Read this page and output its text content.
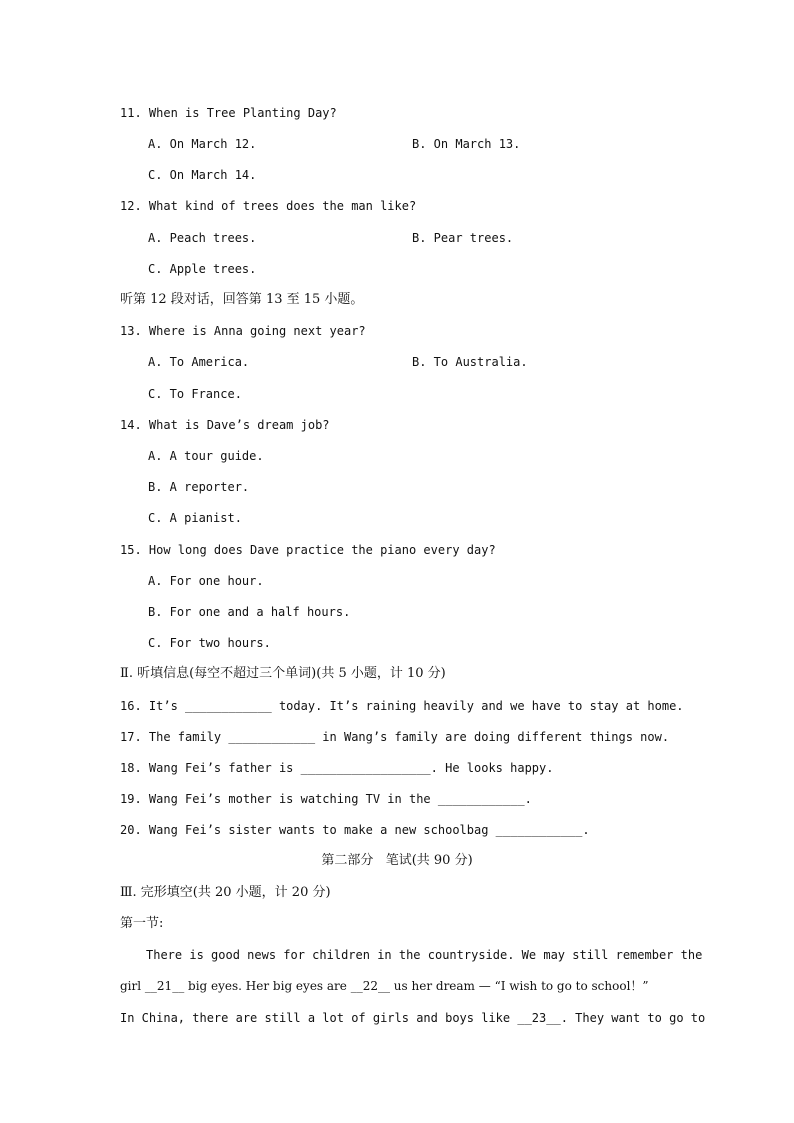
11. When is Tree Planting Day?
A. On March 12.	B. On March 13.
C. On March 14.
12. What kind of trees does the man like?
A. Peach trees.	B. Pear trees.
C. Apple trees.
听第 12 段对话，回答第 13 至 15 小题。
13. Where is Anna going next year?
A. To America.	B. To Australia.
C. To France.
14. What is Dave’s dream job?
A. A tour guide.
B. A reporter.
C. A pianist.
15. How long does Dave practice the piano every day?
A. For one hour.
B. For one and a half hours.
C. For two hours.
Ⅱ. 听填信息(每空不超过三个单词)(共 5 小题，计 10 分)
16. It’s ____________ today. It’s raining heavily and we have to stay at home.
17. The family ____________ in Wang’s family are doing different things now.
18. Wang Fei’s father is __________________. He looks happy.
19. Wang Fei’s mother is watching TV in the ____________.
20. Wang Fei’s sister wants to make a new schoolbag ____________.
第二部分   笔试(共 90 分)
Ⅲ. 完形填空(共 20 小题，计 20 分)
第一节:
There is good news for children in the countryside. We may still remember the
girl __21__ big eyes. Her big eyes are __22__ us her dream — “I wish to go to school！”
In China, there are still a lot of girls and boys like __23__. They want to go to
